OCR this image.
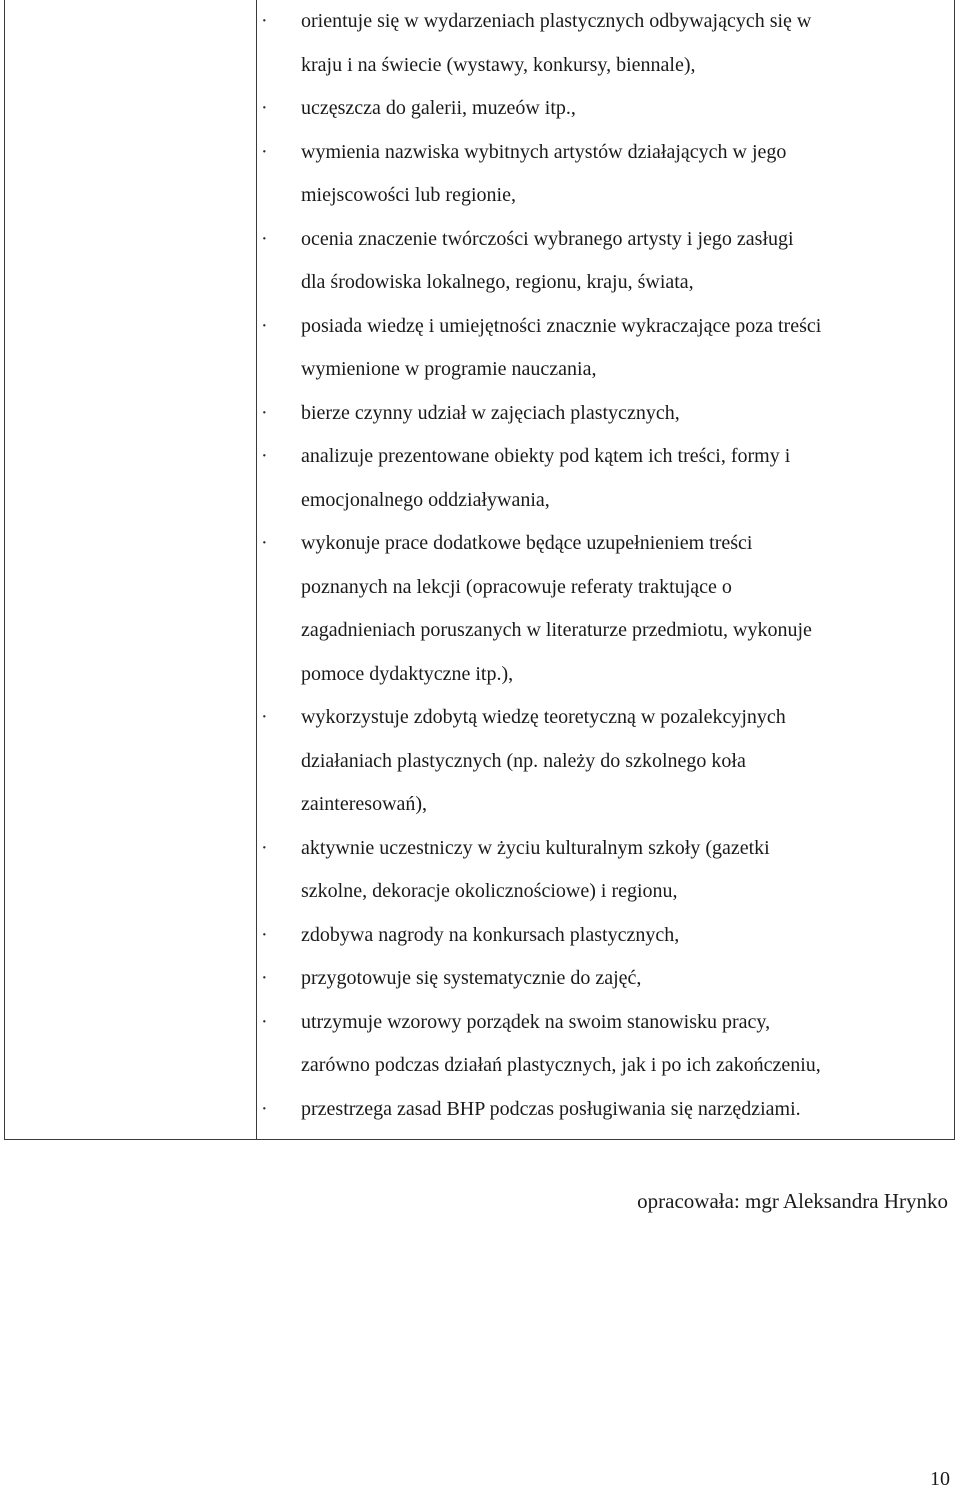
·
orientuje się w wydarzeniach plastycznych odbywających się w
kraju i na świecie (wystawy, konkursy, biennale),
·
uczęszcza do galerii, muzeów itp.,
·
wymienia nazwiska wybitnych artystów działających w jego
miejscowości lub regionie,
·
ocenia znaczenie twórczości wybranego artysty i jego zasługi
dla środowiska lokalnego, regionu, kraju, świata,
·
posiada wiedzę i umiejętności znacznie wykraczające poza treści
wymienione w programie nauczania,
·
bierze czynny udział w zajęciach plastycznych,
·
analizuje prezentowane obiekty pod kątem ich treści, formy i
emocjonalnego oddziaływania,
·
wykonuje prace dodatkowe będące uzupełnieniem treści
poznanych na lekcji (opracowuje referaty traktujące o
zagadnieniach poruszanych w literaturze przedmiotu, wykonuje
pomoce dydaktyczne itp.),
·
wykorzystuje zdobytą wiedzę teoretyczną w pozalekcyjnych
działaniach plastycznych (np. należy do szkolnego koła
zainteresowań),
·
aktywnie uczestniczy w życiu kulturalnym szkoły (gazetki
szkolne, dekoracje okolicznościowe) i regionu,
·
zdobywa nagrody na konkursach plastycznych,
·
przygotowuje się systematycznie do zajęć,
·
utrzymuje wzorowy porządek na swoim stanowisku pracy,
zarówno podczas działań plastycznych, jak i po ich zakończeniu,
·
przestrzega zasad BHP podczas posługiwania się narzędziami.
opracowała: mgr Aleksandra Hrynko
10
